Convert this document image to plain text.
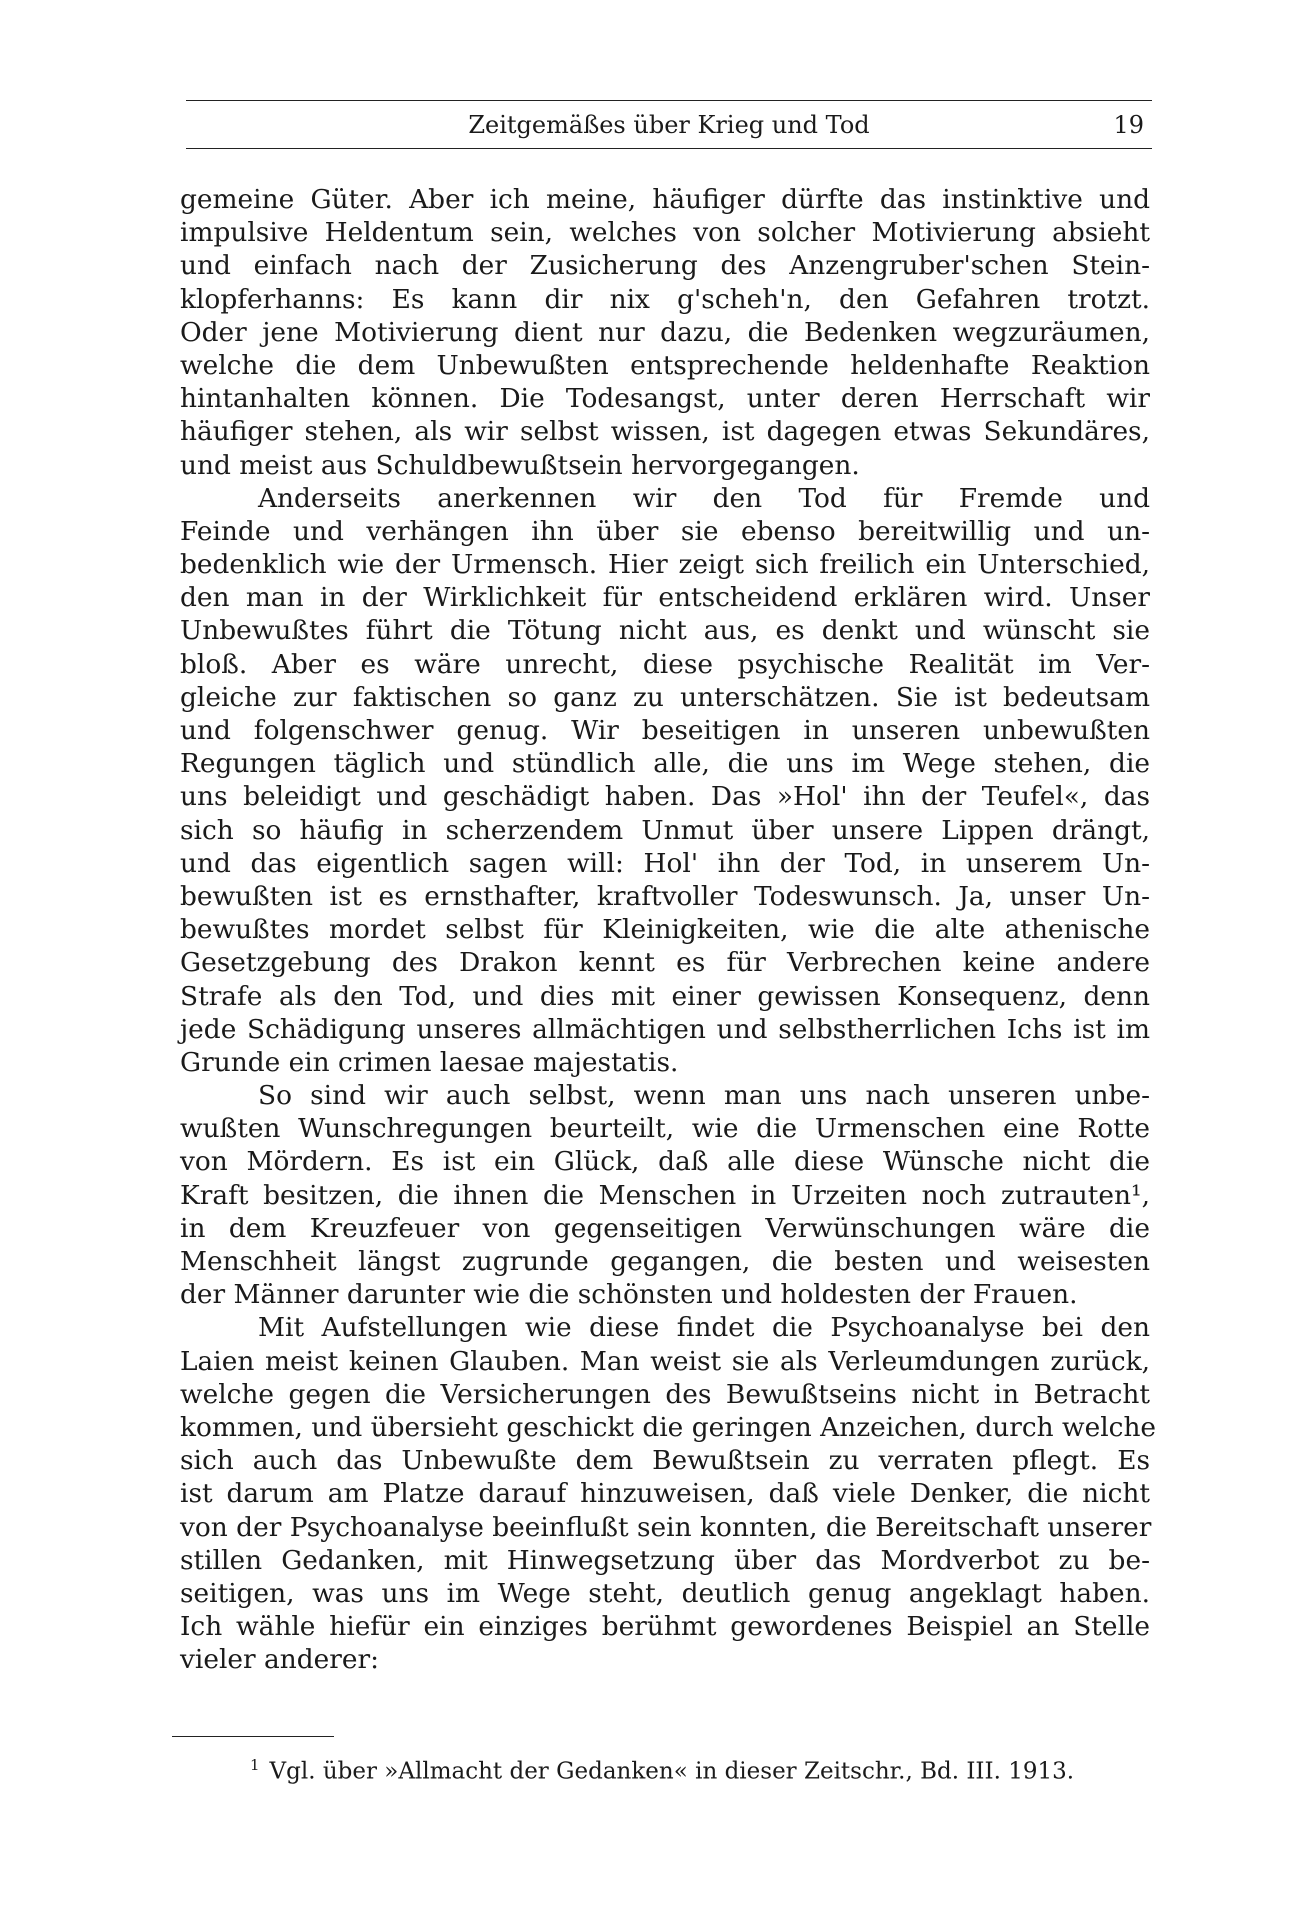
Zeitgemäßes über Krieg und Tod	19
gemeine Güter. Aber ich meine, häufiger dürfte das instinktive und
impulsive Heldentum sein, welches von solcher Motivierung absieht
und einfach nach der Zusicherung des Anzengruber'schen Stein-
klopferhanns: Es kann dir nix g'scheh'n, den Gefahren trotzt.
Oder jene Motivierung dient nur dazu, die Bedenken wegzuräumen,
welche die dem Unbewußten entsprechende heldenhafte Reaktion
hintanhalten können. Die Todesangst, unter deren Herrschaft wir
häufiger stehen, als wir selbst wissen, ist dagegen etwas Sekundäres,
und meist aus Schuldbewußtsein hervorgegangen.
Anderseits anerkennen wir den Tod für Fremde und
Feinde und verhängen ihn über sie ebenso bereitwillig und un-
bedenklich wie der Urmensch. Hier zeigt sich freilich ein Unterschied,
den man in der Wirklichkeit für entscheidend erklären wird. Unser
Unbewußtes führt die Tötung nicht aus, es denkt und wünscht sie
bloß. Aber es wäre unrecht, diese psychische Realität im Ver-
gleiche zur faktischen so ganz zu unterschätzen. Sie ist bedeutsam
und folgenschwer genug. Wir beseitigen in unseren unbewußten
Regungen täglich und stündlich alle, die uns im Wege stehen, die
uns beleidigt und geschädigt haben. Das »Hol' ihn der Teufel«, das
sich so häufig in scherzendem Unmut über unsere Lippen drängt,
und das eigentlich sagen will: Hol' ihn der Tod, in unserem Un-
bewußten ist es ernsthafter, kraftvoller Todeswunsch. Ja, unser Un-
bewußtes mordet selbst für Kleinigkeiten, wie die alte athenische
Gesetzgebung des Drakon kennt es für Verbrechen keine andere
Strafe als den Tod, und dies mit einer gewissen Konsequenz, denn
jede Schädigung unseres allmächtigen und selbstherrlichen Ichs ist im
Grunde ein crimen laesae majestatis.
So sind wir auch selbst, wenn man uns nach unseren unbe-
wußten Wunschregungen beurteilt, wie die Urmenschen eine Rotte
von Mördern. Es ist ein Glück, daß alle diese Wünsche nicht die
Kraft besitzen, die ihnen die Menschen in Urzeiten noch zutrauten¹,
in dem Kreuzfeuer von gegenseitigen Verwünschungen wäre die
Menschheit längst zugrunde gegangen, die besten und weisesten
der Männer darunter wie die schönsten und holdesten der Frauen.
Mit Aufstellungen wie diese findet die Psychoanalyse bei den
Laien meist keinen Glauben. Man weist sie als Verleumdungen zurück,
welche gegen die Versicherungen des Bewußtseins nicht in Betracht
kommen, und übersieht geschickt die geringen Anzeichen, durch welche
sich auch das Unbewußte dem Bewußtsein zu verraten pflegt. Es
ist darum am Platze darauf hinzuweisen, daß viele Denker, die nicht
von der Psychoanalyse beeinflußt sein konnten, die Bereitschaft unserer
stillen Gedanken, mit Hinwegsetzung über das Mordverbot zu be-
seitigen, was uns im Wege steht, deutlich genug angeklagt haben.
Ich wähle hiefür ein einziges berühmt gewordenes Beispiel an Stelle
vieler anderer:
$^1$ Vgl. über »Allmacht der Gedanken« in dieser Zeitschr., Bd. III. 1913.
